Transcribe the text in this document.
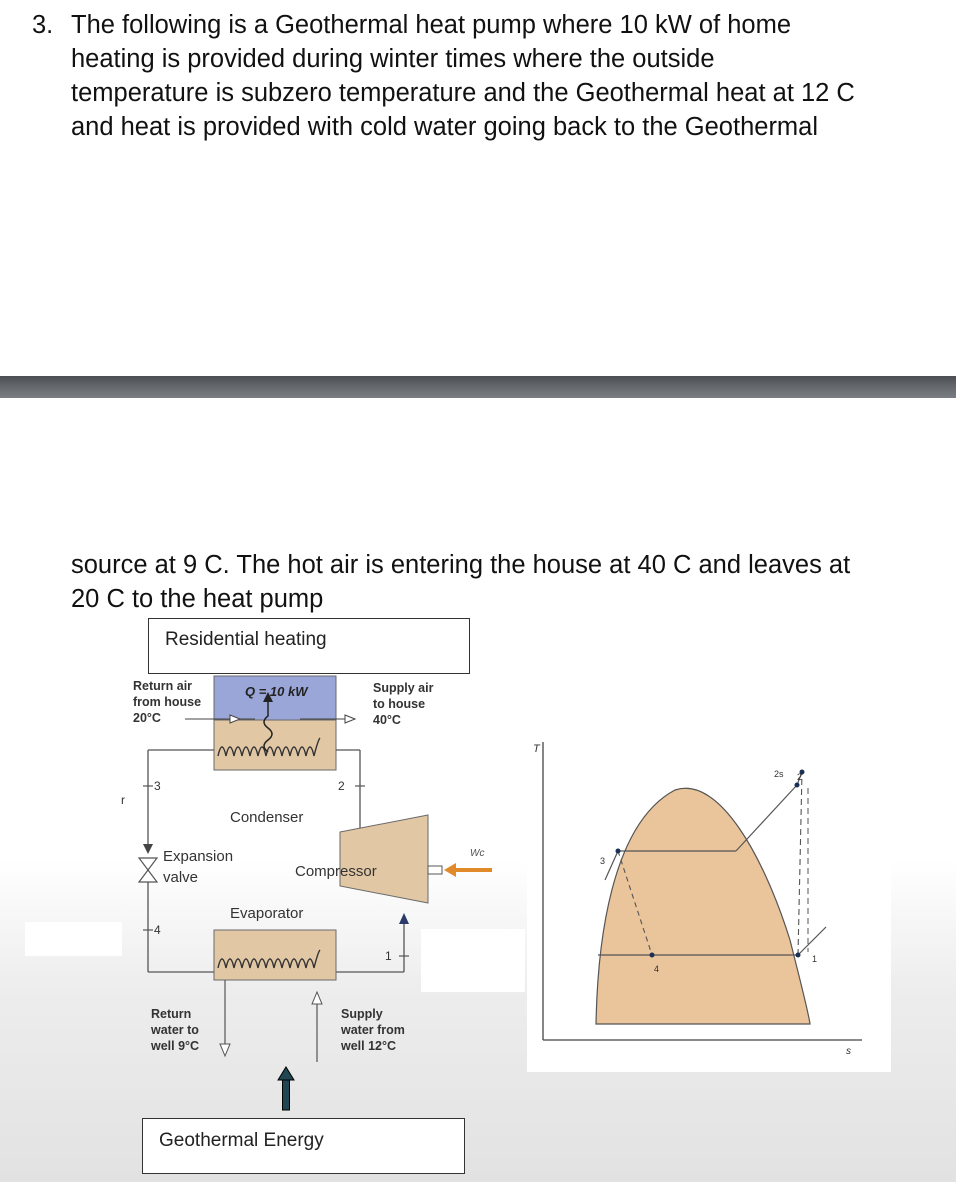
3. The following is a Geothermal heat pump where 10 kW of home
heating is provided during winter times where the outside
temperature is subzero temperature and the Geothermal heat at 12 C
and heat is provided with cold water going back to the Geothermal
source at 9 C. The hot air is entering the house at 40 C and leaves at
20 C to the heat pump
Return air
from house
20°C
Q = 10 kW	Supply air
to house
40°C
Condenser
Expansion
valve	Compressor
Evaporator
Return
water to
well 9°C
Supply
water from
well 12°C
1
2
3
4
r
Wc
T
s
1
2
2s
3
4
Residential heating
Geothermal Energy
